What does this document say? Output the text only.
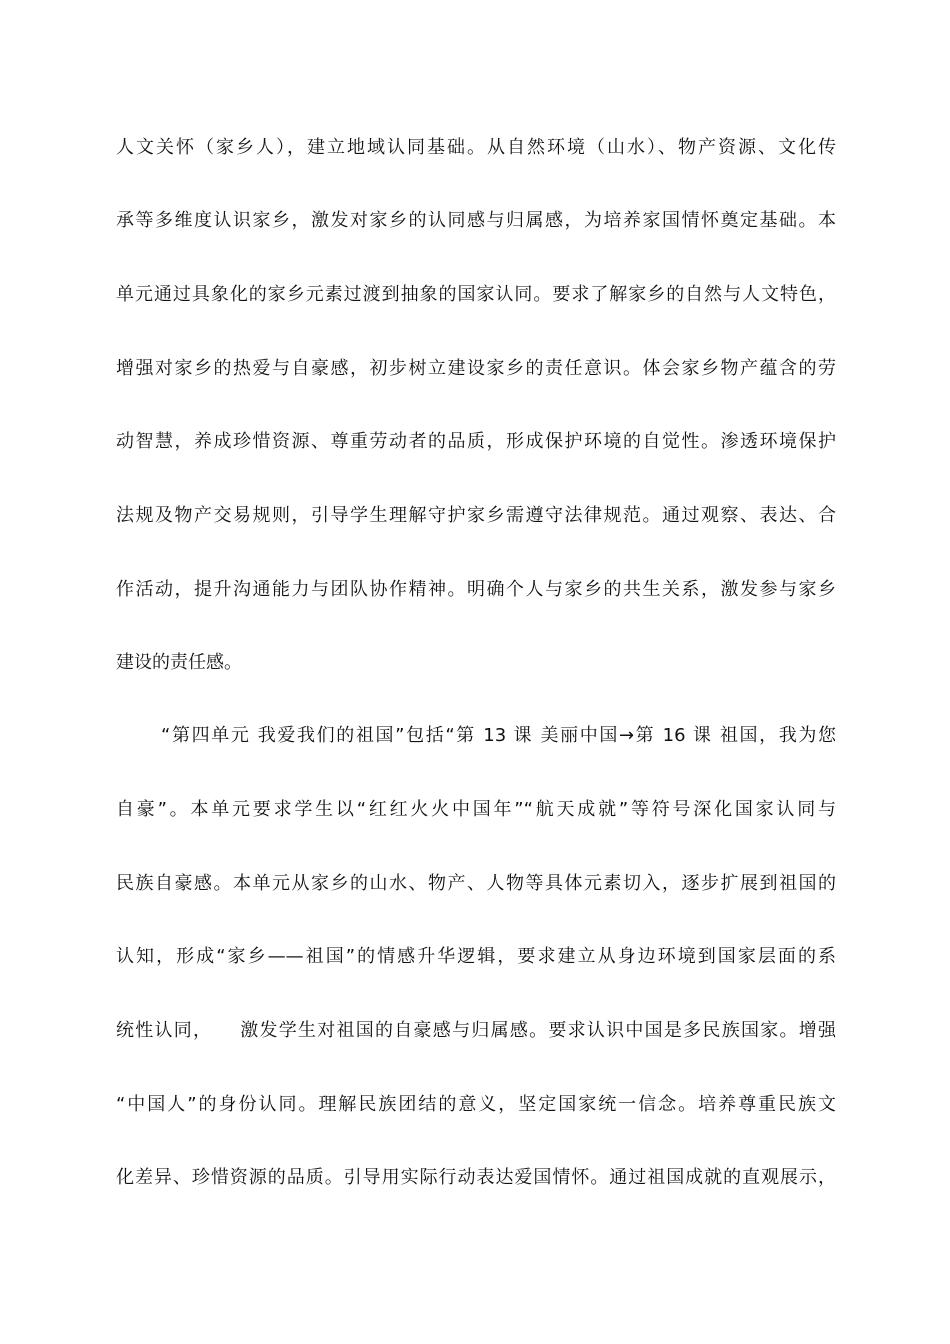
人文关怀（家乡人），建立地域认同基础。从自然环境（山水）、物产资源、文化传
承等多维度认识家乡，激发对家乡的认同感与归属感，为培养家国情怀奠定基础。本
单元通过具象化的家乡元素过渡到抽象的国家认同。要求了解家乡的自然与人文特色，
增强对家乡的热爱与自豪感，初步树立建设家乡的责任意识。体会家乡物产蕴含的劳
动智慧，养成珍惜资源、尊重劳动者的品质，形成保护环境的自觉性。渗透环境保护
法规及物产交易规则，引导学生理解守护家乡需遵守法律规范。通过观察、表达、合
作活动，提升沟通能力与团队协作精神。明确个人与家乡的共生关系，激发参与家乡
建设的责任感。
“第四单元 我爱我们的祖国”包括“第 13 课 美丽中国→第 16 课 祖国，我为您
自豪”。本单元要求学生以“红红火火中国年”“航天成就”等符号深化国家认同与
民族自豪感。本单元从家乡的山水、物产、人物等具体元素切入，逐步扩展到祖国的
认知，形成“家乡——祖国”的情感升华逻辑，要求建立从身边环境到国家层面的系
统性认同，    激发学生对祖国的自豪感与归属感。要求认识中国是多民族国家。增强
“中国人”的身份认同。理解民族团结的意义，坚定国家统一信念。培养尊重民族文
化差异、珍惜资源的品质。引导用实际行动表达爱国情怀。通过祖国成就的直观展示，
